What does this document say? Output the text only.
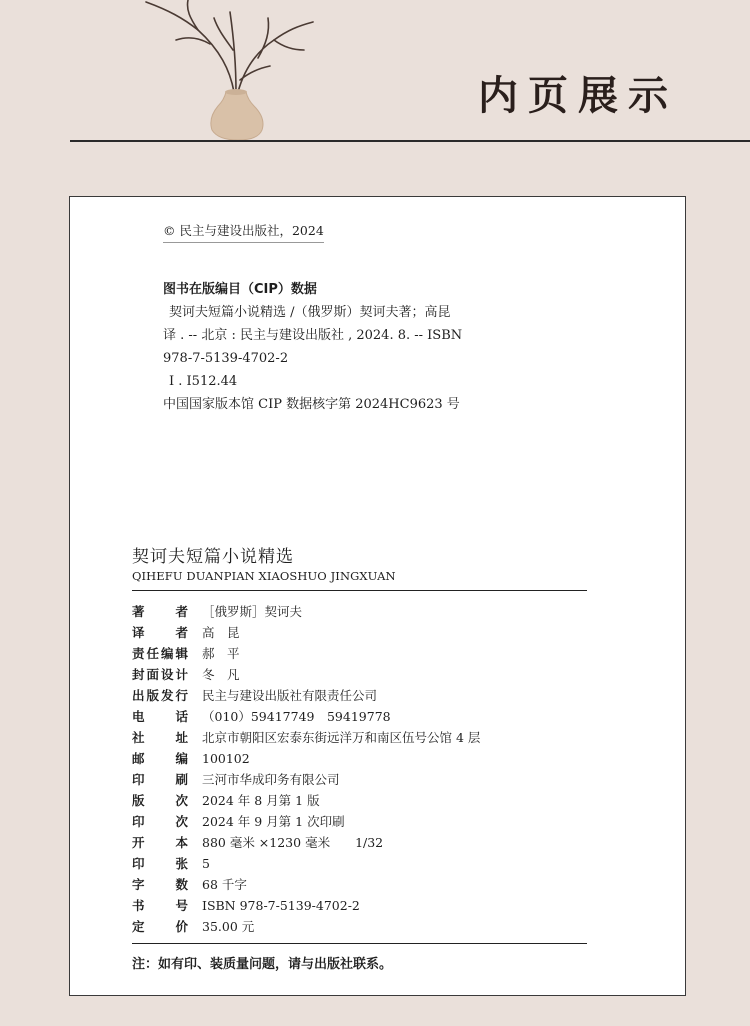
内页展示
© 民主与建设出版社，2024
图书在版编目（CIP）数据
契诃夫短篇小说精选 /（俄罗斯）契诃夫著；高昆
译 . -- 北京 : 民主与建设出版社 , 2024. 8. -- ISBN
978-7-5139-4702-2
Ⅰ . I512.44
中国国家版本馆 CIP 数据核字第 2024HC9623 号
契诃夫短篇小说精选
QIHEFU DUANPIAN XIAOSHUO JINGXUAN
著 者	［俄罗斯］契诃夫
译 者	高　昆
责 任 编 辑	郝　平
封 面 设 计	冬　凡
出 版 发 行	民主与建设出版社有限责任公司
电 话	（010）59417749　59419778
社 址	北京市朝阳区宏泰东街远洋万和南区伍号公馆 4 层
邮 编	100102
印 刷	三河市华成印务有限公司
版 次	2024 年 8 月第 1 版
印 次	2024 年 9 月第 1 次印刷
开 本	880 毫米 ×1230 毫米　　1/32
印 张	5
字 数	68 千字
书 号	ISBN 978-7-5139-4702-2
定 价	35.00 元
注：如有印、装质量问题，请与出版社联系。
